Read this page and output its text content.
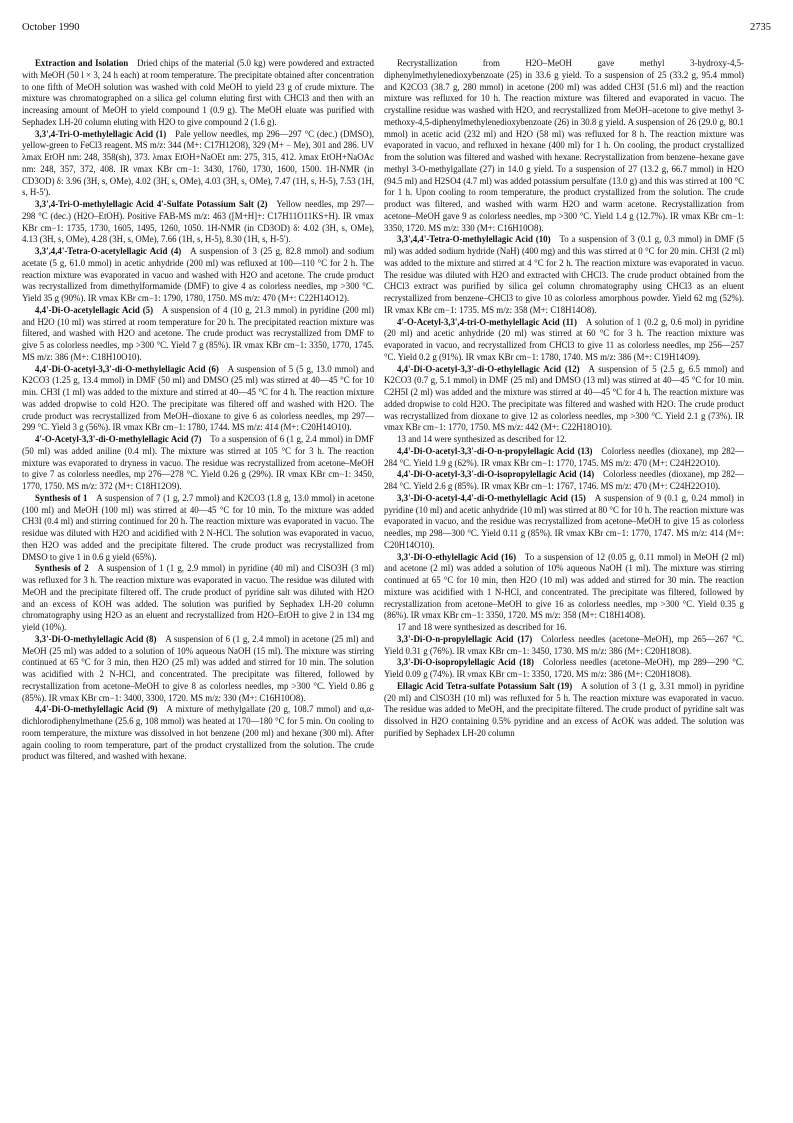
October 1990	2735

Extraction and Isolation  Dried chips of the material (5.0 kg) were powdered and extracted with MeOH (50 l × 3, 24 h each) at room temperature. The precipitate obtained after concentration to one fifth of MeOH solution was washed with cold MeOH to yield 23 g of crude mixture. The mixture was chromatographed on a silica gel column eluting first with CHCl3 and then with an increasing amount of MeOH to yield compound 1 (0.9 g). The MeOH eluate was purified with Sephadex LH-20 column eluting with H2O to give compound 2 (1.6 g).

3,3',4-Tri-O-methylellagic Acid (1)  Pale yellow needles, mp 296—297 °C (dec.) (DMSO), yellow-green to FeCl3 reagent. MS m/z: 344 (M+: C17H12O8), 329 (M+ − Me), 301 and 286. UV λmax EtOH nm: 248, 358(sh), 373. λmax EtOH+NaOEt nm: 275, 315, 412. λmax EtOH+NaOAc nm: 248, 357, 372, 408. IR νmax KBr cm−1: 3430, 1760, 1730, 1600, 1500. 1H-NMR (in CD3OD) δ: 3.96 (3H, s, OMe), 4.02 (3H, s, OMe), 4.03 (3H, s, OMe), 7.47 (1H, s, H-5), 7.53 (1H, s, H-5').

3,3',4-Tri-O-methylellagic Acid 4'-Sulfate Potassium Salt (2)  Yellow needles, mp 297—298 °C (dec.) (H2O–EtOH). Positive FAB-MS m/z: 463 ([M+H]+: C17H11O11KS+H). IR νmax KBr cm−1: 1735, 1730, 1605, 1495, 1260, 1050. 1H-NMR (in CD3OD) δ: 4.02 (3H, s, OMe), 4.13 (3H, s, OMe), 4.28 (3H, s, OMe), 7.66 (1H, s, H-5), 8.30 (1H, s, H-5').

3,3',4,4'-Tetra-O-acetylellagic Acid (4)  A suspension of 3 (25 g, 82.8 mmol) and sodium acetate (5 g, 61.0 mmol) in acetic anhydride (200 ml) was refluxed at 100—110 °C for 2 h. The reaction mixture was evaporated in vacuo and washed with H2O and acetone. The crude product was recrystallized from dimethylformamide (DMF) to give 4 as colorless needles, mp >300 °C. Yield 35 g (90%). IR νmax KBr cm−1: 1790, 1780, 1750. MS m/z: 470 (M+: C22H14O12).

4,4'-Di-O-acetylellagic Acid (5)  A suspension of 4 (10 g, 21.3 mmol) in pyridine (200 ml) and H2O (10 ml) was stirred at room temperature for 20 h. The precipitated reaction mixture was filtered, and washed with H2O and acetone. The crude product was recrystallized from DMF to give 5 as colorless needles, mp >300 °C. Yield 7 g (85%). IR νmax KBr cm−1: 3350, 1770, 1745. MS m/z: 386 (M+: C18H10O10).

4,4'-Di-O-acetyl-3,3'-di-O-methylellagic Acid (6)  A suspension of 5 (5 g, 13.0 mmol) and K2CO3 (1.25 g, 13.4 mmol) in DMF (50 ml) and DMSO (25 ml) was stirred at 40—45 °C for 10 min. CH3I (1 ml) was added to the mixture and stirred at 40—45 °C for 4 h. The reaction mixture was added dropwise to cold H2O. The precipitate was filtered off and washed with H2O. The crude product was recrystallized from MeOH–dioxane to give 6 as colorless needles, mp 297—299 °C. Yield 3 g (56%). IR νmax KBr cm−1: 1780, 1744. MS m/z: 414 (M+: C20H14O10).

4'-O-Acetyl-3,3'-di-O-methylellagic Acid (7)  To a suspension of 6 (1 g, 2.4 mmol) in DMF (50 ml) was added aniline (0.4 ml). The mixture was stirred at 105 °C for 3 h. The reaction mixture was evaporated to dryness in vacuo. The residue was recrystallized from acetone–MeOH to give 7 as colorless needles, mp 276—278 °C. Yield 0.26 g (29%). IR νmax KBr cm−1: 3450, 1770, 1750. MS m/z: 372 (M+: C18H12O9).

Synthesis of 1  A suspension of 7 (1 g, 2.7 mmol) and K2CO3 (1.8 g, 13.0 mmol) in acetone (100 ml) and MeOH (100 ml) was stirred at 40—45 °C for 10 min. To the mixture was added CH3I (0.4 ml) and stirring continued for 20 h. The reaction mixture was evaporated in vacuo. The residue was diluted with H2O and acidified with 2 N-HCl. The solution was evaporated in vacuo, then H2O was added and the precipitate filtered. The crude product was recrystallized from DMSO to give 1 in 0.6 g yield (65%).

Synthesis of 2  A suspension of 1 (1 g, 2.9 mmol) in pyridine (40 ml) and ClSO3H (3 ml) was refluxed for 3 h. The reaction mixture was evaporated in vacuo. The residue was diluted with MeOH and the precipitate filtered off. The crude product of pyridine salt was diluted with H2O and an excess of KOH was added. The solution was purified by Sephadex LH-20 column chromatography using H2O as an eluent and recrystallized from H2O–EtOH to give 2 in 134 mg yield (10%).

3,3'-Di-O-methylellagic Acid (8)  A suspension of 6 (1 g, 2.4 mmol) in acetone (25 ml) and MeOH (25 ml) was added to a solution of 10% aqueous NaOH (15 ml). The mixture was stirring continued at 65 °C for 3 min, then H2O (25 ml) was added and stirred for 10 min. The solution was acidified with 2 N-HCl, and concentrated. The precipitate was filtered, followed by recrystallization from acetone–MeOH to give 8 as colorless needles, mp >300 °C. Yield 0.86 g (85%). IR νmax KBr cm−1: 3400, 3300, 1720. MS m/z: 330 (M+: C16H10O8).

4,4'-Di-O-methylellagic Acid (9)  A mixture of methylgallate (20 g, 108.7 mmol) and α,α-dichlorodiphenylmethane (25.6 g, 108 mmol) was heated at 170—180 °C for 5 min. On cooling to room temperature, the mixture was dissolved in hot benzene (200 ml) and hexane (300 ml). After again cooling to room temperature, part of the product crystallized from the solution. The crude product was filtered, and washed with hexane.

Recrystallization from H2O–MeOH gave methyl 3-hydroxy-4,5-diphenylmethylenedioxybenzoate (25) in 33.6 g yield. To a suspension of 25 (33.2 g, 95.4 mmol) and K2CO3 (38.7 g, 280 mmol) in acetone (200 ml) was added CH3I (51.6 ml) and the reaction mixture was refluxed for 10 h. The reaction mixture was filtered and evaporated in vacuo. The crystalline residue was washed with H2O, and recrystallized from MeOH–acetone to give methyl 3-methoxy-4,5-diphenylmethylenedioxybenzoate (26) in 30.8 g yield. A suspension of 26 (29.0 g, 80.1 mmol) in acetic acid (232 ml) and H2O (58 ml) was refluxed for 8 h. The reaction mixture was evaporated in vacuo, and refluxed in hexane (400 ml) for 1 h. On cooling, the product crystallized from the solution was filtered and washed with hexane. Recrystallization from benzene–hexane gave methyl 3-O-methylgallate (27) in 14.0 g yield. To a suspension of 27 (13.2 g, 66.7 mmol) in H2O (94.5 ml) and H2SO4 (4.7 ml) was added potassium persulfate (13.0 g) and this was stirred at 100 °C for 1 h. Upon cooling to room temperature, the product crystallized from the solution. The crude product was filtered, and washed with warm H2O and warm acetone. Recrystallization from acetone–MeOH gave 9 as colorless needles, mp >300 °C. Yield 1.4 g (12.7%). IR νmax KBr cm−1: 3350, 1720. MS m/z: 330 (M+: C16H10O8).

3,3',4,4'-Tetra-O-methylellagic Acid (10)  To a suspension of 3 (0.1 g, 0.3 mmol) in DMF (5 ml) was added sodium hydride (NaH) (400 mg) and this was stirred at 0 °C for 20 min. CH3I (2 ml) was added to the mixture and stirred at 4 °C for 2 h. The reaction mixture was evaporated in vacuo. The residue was diluted with H2O and extracted with CHCl3. The crude product obtained from the CHCl3 extract was purified by silica gel column chromatography using CHCl3 as an eluent recrystallized from benzene–CHCl3 to give 10 as colorless amorphous powder. Yield 62 mg (52%). IR νmax KBr cm−1: 1735. MS m/z: 358 (M+: C18H14O8).

4'-O-Acetyl-3,3',4-tri-O-methylellagic Acid (11)  A solution of 1 (0.2 g, 0.6 mol) in pyridine (20 ml) and acetic anhydride (20 ml) was stirred at 60 °C for 3 h. The reaction mixture was evaporated in vacuo, and recrystallized from CHCl3 to give 11 as colorless needles, mp 256—257 °C. Yield 0.2 g (91%). IR νmax KBr cm−1: 1780, 1740. MS m/z: 386 (M+: C19H14O9).

4,4'-Di-O-acetyl-3,3'-di-O-ethylellagic Acid (12)  A suspension of 5 (2.5 g, 6.5 mmol) and K2CO3 (0.7 g, 5.1 mmol) in DMF (25 ml) and DMSO (13 ml) was stirred at 40—45 °C for 10 min. C2H5I (2 ml) was added and the mixture was stirred at 40—45 °C for 4 h. The reaction mixture was added dropwise to cold H2O. The precipitate was filtered and washed with H2O. The crude product was recrystallized from dioxane to give 12 as colorless needles, mp >300 °C. Yield 2.1 g (73%). IR νmax KBr cm−1: 1770, 1750. MS m/z: 442 (M+: C22H18O10).

13 and 14 were synthesized as described for 12.

4,4'-Di-O-acetyl-3,3'-di-O-n-propylellagic Acid (13)  Colorless needles (dioxane), mp 282—284 °C. Yield 1.9 g (62%). IR νmax KBr cm−1: 1770, 1745. MS m/z: 470 (M+: C24H22O10).

4,4'-Di-O-acetyl-3,3'-di-O-isopropylellagic Acid (14)  Colorless needles (dioxane), mp 282—284 °C. Yield 2.6 g (85%). IR νmax KBr cm−1: 1767, 1746. MS m/z: 470 (M+: C24H22O10).

3,3'-Di-O-acetyl-4,4'-di-O-methylellagic Acid (15)  A suspension of 9 (0.1 g, 0.24 mmol) in pyridine (10 ml) and acetic anhydride (10 ml) was stirred at 80 °C for 10 h. The reaction mixture was evaporated in vacuo, and the residue was recrystallized from acetone–MeOH to give 15 as colorless needles, mp 298—300 °C. Yield 0.11 g (85%). IR νmax KBr cm−1: 1770, 1747. MS m/z: 414 (M+: C20H14O10).

3,3'-Di-O-ethylellagic Acid (16)  To a suspension of 12 (0.05 g, 0.11 mmol) in MeOH (2 ml) and acetone (2 ml) was added a solution of 10% aqueous NaOH (1 ml). The mixture was stirring continued at 65 °C for 10 min, then H2O (10 ml) was added and stirred for 30 min. The reaction mixture was acidified with 1 N-HCl, and concentrated. The precipitate was filtered, followed by recrystallization from acetone–MeOH to give 16 as colorless needles, mp >300 °C. Yield 0.35 g (86%). IR νmax KBr cm−1: 3350, 1720. MS m/z: 358 (M+: C18H14O8).

17 and 18 were synthesized as described for 16.

3,3'-Di-O-n-propylellagic Acid (17)  Colorless needles (acetone–MeOH), mp 265—267 °C. Yield 0.31 g (76%). IR νmax KBr cm−1: 3450, 1730. MS m/z: 386 (M+: C20H18O8).

3,3'-Di-O-isopropylellagic Acid (18)  Colorless needles (acetone–MeOH), mp 289—290 °C. Yield 0.09 g (74%). IR νmax KBr cm−1: 3350, 1720. MS m/z: 386 (M+: C20H18O8).

Ellagic Acid Tetra-sulfate Potassium Salt (19)  A solution of 3 (1 g, 3.31 mmol) in pyridine (20 ml) and ClSO3H (10 ml) was refluxed for 5 h. The reaction mixture was evaporated in vacuo. The residue was added to MeOH, and the precipitate filtered. The crude product of pyridine salt was dissolved in H2O containing 0.5% pyridine and an excess of AcOK was added. The solution was purified by Sephadex LH-20 column
